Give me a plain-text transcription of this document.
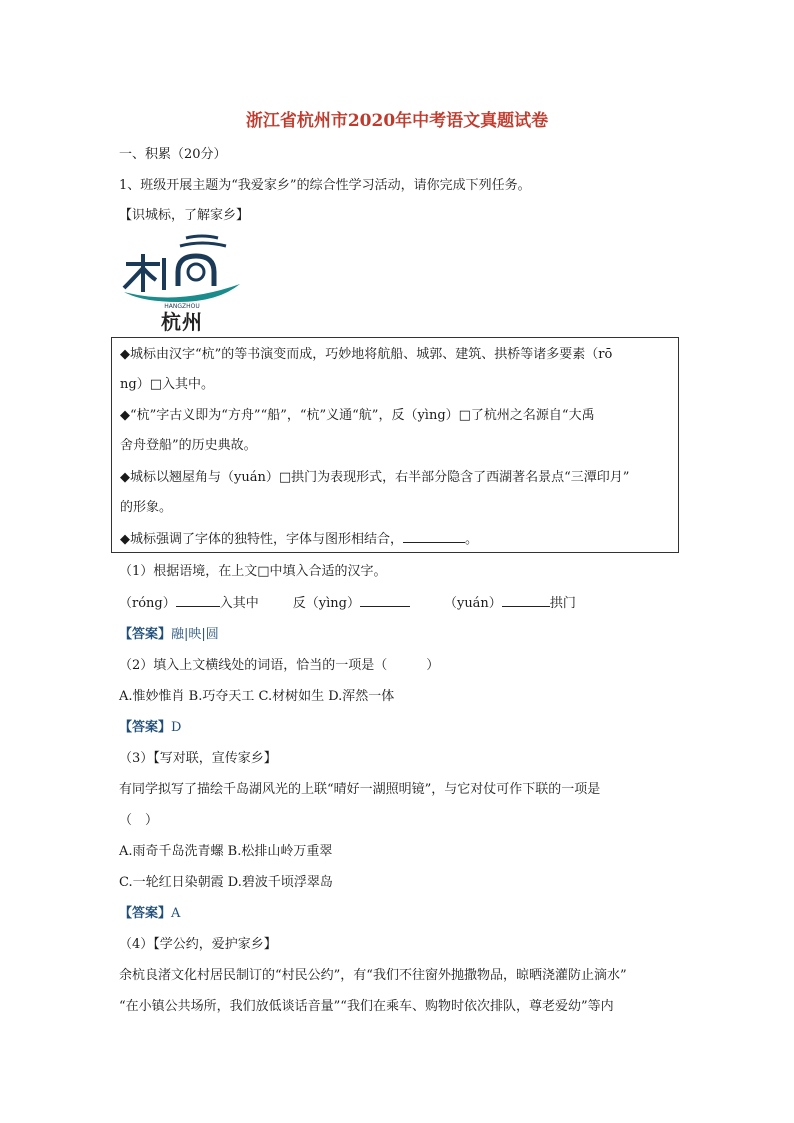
浙江省杭州市2020年中考语文真题试卷
一、积累（20分）
1、班级开展主题为“我爱家乡”的综合性学习活动，请你完成下列任务。
【识城标，了解家乡】
HANGZHOU
杭州
◆城标由汉字“杭”的等书演变而成，巧妙地将航船、城郭、建筑、拱桥等诸多要素（rō
ng）□入其中。
◆“杭”字古义即为“方舟”“船”，“杭”义通“航”，反（yìng）□了杭州之名源自“大禹
舍舟登船”的历史典故。
◆城标以翘屋角与（yuán）□拱门为表现形式，右半部分隐含了西湖著名景点“三潭印月”
的形象。
◆城标强调了字体的独特性，字体与图形相结合，	。
（1）根据语境，在上文□中填入合适的汉字。
（róng）	入其中	反（yìng）	（yuán）	拱门
【答案】融|映|圆
（2）填入上文横线处的词语，恰当的一项是（　　　）
A.惟妙惟肖 B.巧夺天工 C.材树如生 D.浑然一体
【答案】D
（3）【写对联，宣传家乡】
有同学拟写了描绘千岛湖风光的上联“晴好一湖照明镜”，与它对仗可作下联的一项是
（　）
A.雨奇千岛洗青螺 B.松排山岭万重翠
C.一轮红日染朝霞 D.碧波千顷浮翠岛
【答案】A
（4）【学公约，爱护家乡】
余杭良渚文化村居民制订的“村民公约”，有“我们不往窗外抛撒物品，晾晒浇灌防止滴水”
“在小镇公共场所，我们放低谈话音量”“我们在乘车、购物时依次排队，尊老爱幼”等内
